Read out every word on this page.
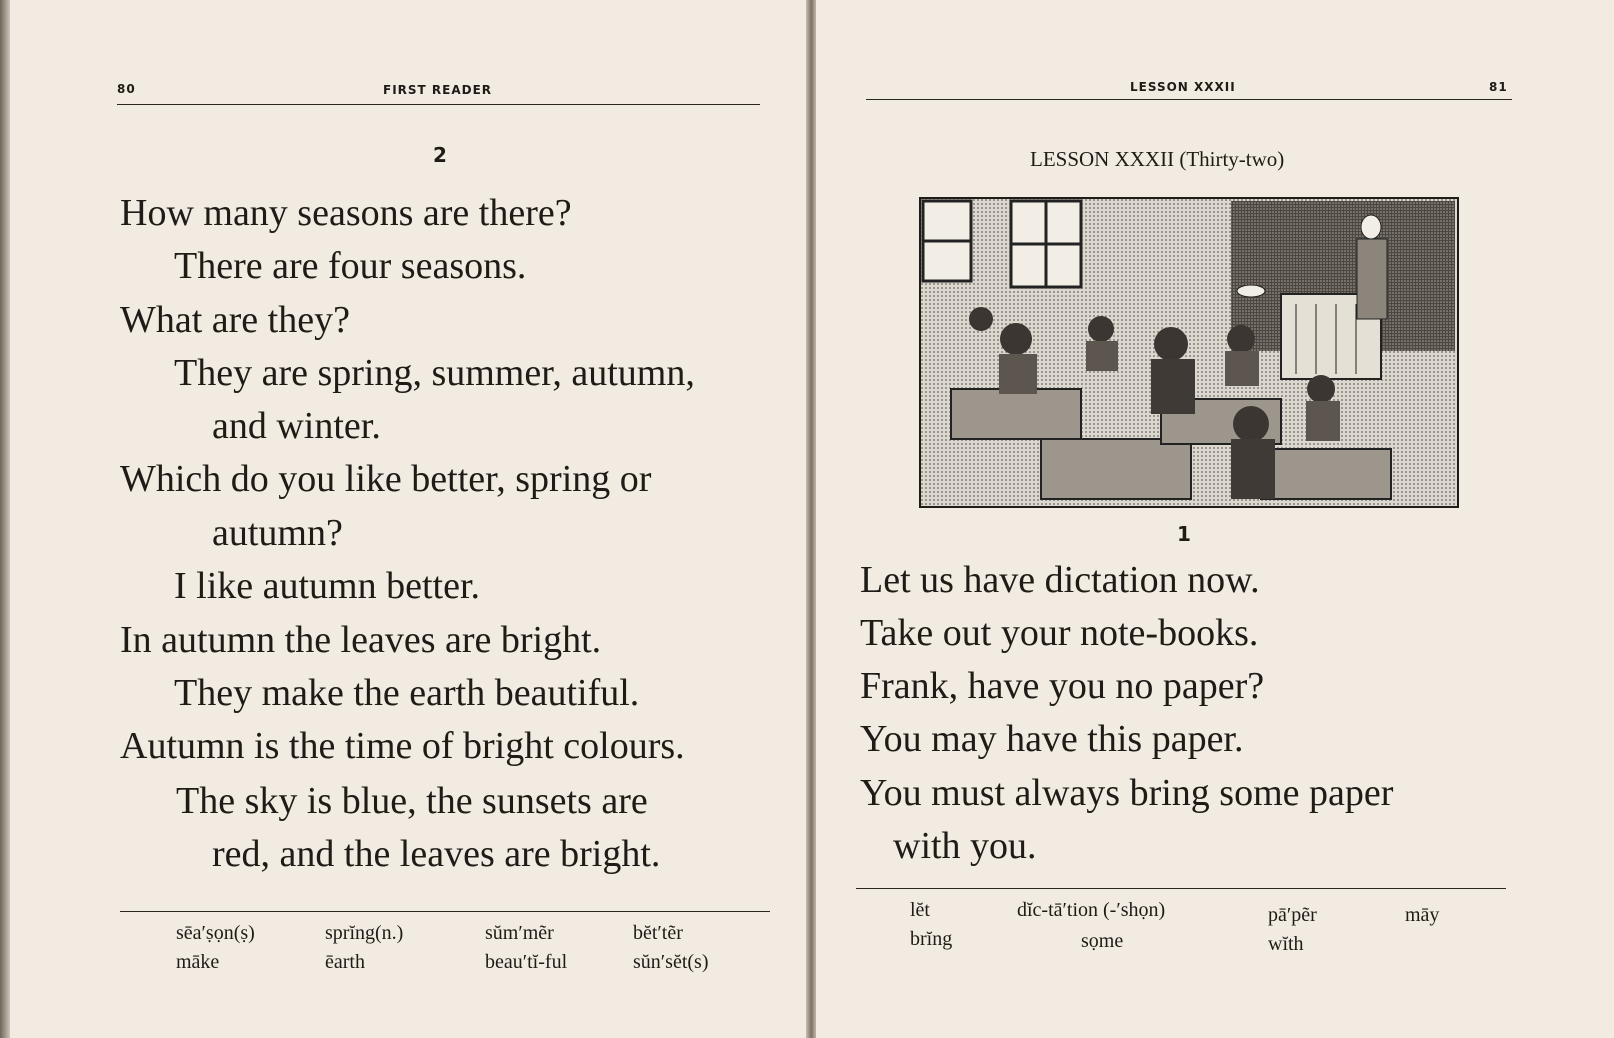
80	FIRST READER
2
How many seasons are there?
There are four seasons.
What are they?
They are spring, summer, autumn,
and winter.
Which do you like better, spring or
autumn?
I like autumn better.
In autumn the leaves are bright.
They make the earth beautiful.
Autumn is the time of bright colours.
The sky is blue, the sunsets are
red, and the leaves are bright.
sēa′ṣọn(ṣ)	sprĭng(n.)	sŭm′mẽr	bĕt′tẽr
māke	ēarth	beau′tĭ-ful	sŭn′sĕt(s)
LESSON XXXII	81
LESSON XXXII (Thirty-two)
1
Let us have dictation now.
Take out your note-books.
Frank, have you no paper?
You may have this paper.
You must always bring some paper
with you.
lĕt	dĭc-tā′tion (-′shọn)	pā′pẽr	māy
brĭng	sọme	wĭth
